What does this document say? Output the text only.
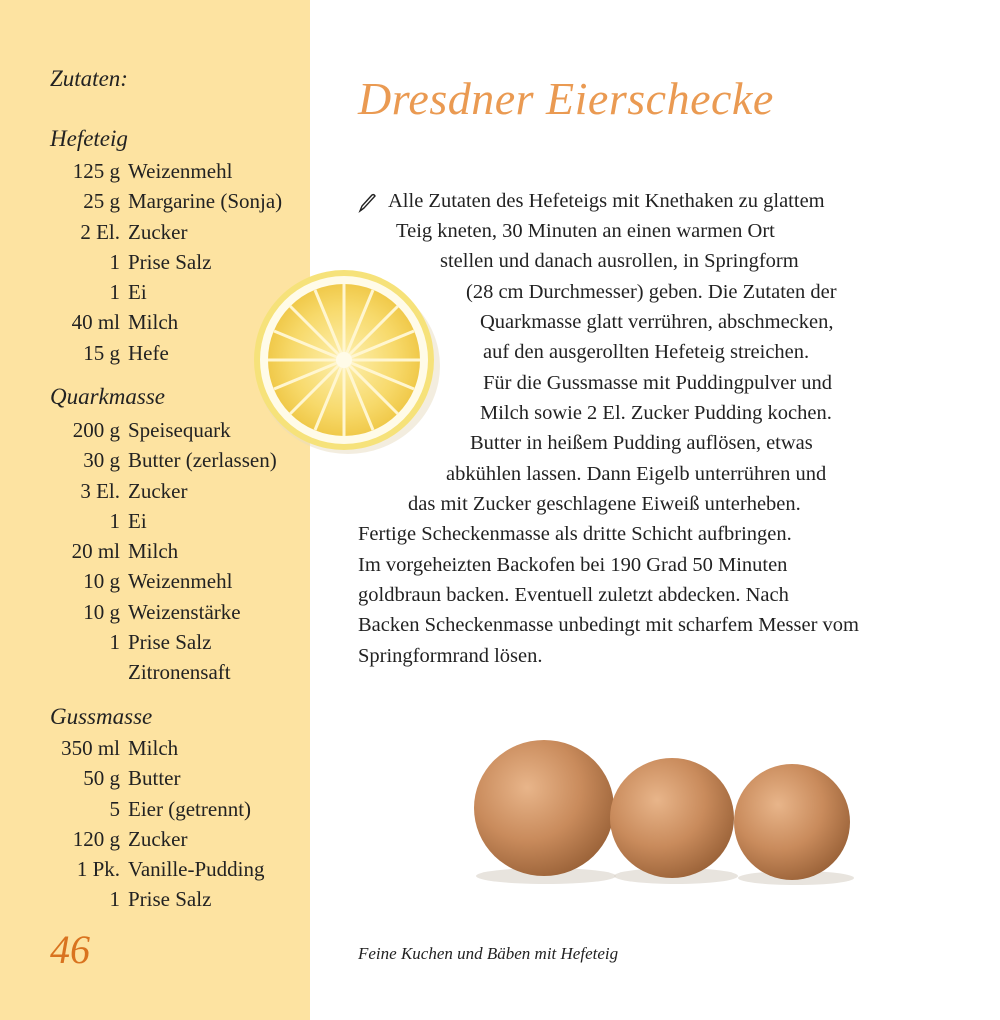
Zutaten:
Hefeteig
125 g Weizenmehl
25 g Margarine (Sonja)
2 El. Zucker
1 Prise Salz
1 Ei
40 ml Milch
15 g Hefe
Quarkmasse
200 g Speisequark
30 g Butter (zerlassen)
3 El. Zucker
1 Ei
20 ml Milch
10 g Weizenmehl
10 g Weizenstärke
1 Prise Salz
Zitronensaft
Gussmasse
350 ml Milch
50 g Butter
5 Eier (getrennt)
120 g Zucker
1 Pk. Vanille-Pudding
1 Prise Salz
46
Dresdner Eierschecke
Alle Zutaten des Hefeteigs mit Knethaken zu glattem
Teig kneten, 30 Minuten an einen warmen Ort
stellen und danach ausrollen, in Springform
(28 cm Durchmesser) geben. Die Zutaten der
Quarkmasse glatt verrühren, abschmecken,
auf den ausgerollten Hefeteig streichen.
Für die Gussmasse mit Puddingpulver und
Milch sowie 2 El. Zucker Pudding kochen.
Butter in heißem Pudding auflösen, etwas
abkühlen lassen. Dann Eigelb unterrühren und
das mit Zucker geschlagene Eiweiß unterheben.
Fertige Scheckenmasse als dritte Schicht aufbringen.
Im vorgeheizten Backofen bei 190 Grad 50 Minuten
goldbraun backen. Eventuell zuletzt abdecken. Nach
Backen Scheckenmasse unbedingt mit scharfem Messer vom
Springformrand lösen.
Feine Kuchen und Bäben mit Hefeteig
